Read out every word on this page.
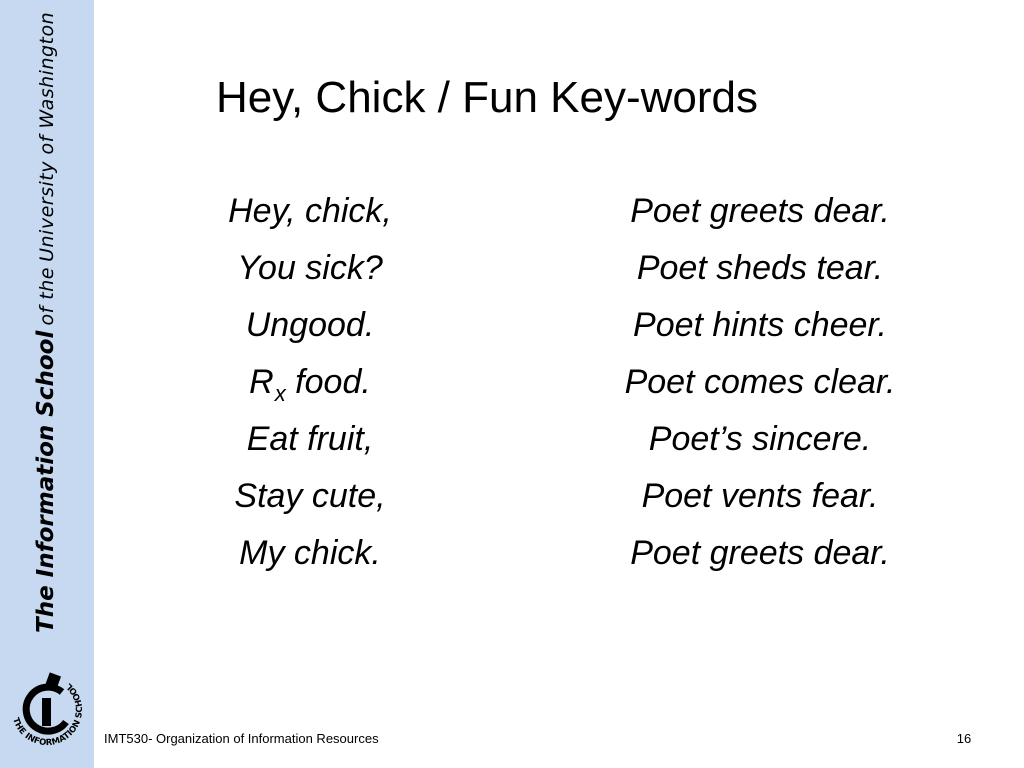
The Information School of the University of Washington
THE INFORMATION SCHOOL
Hey, Chick / Fun Key-words
Hey, chick,
You sick?
Ungood.
$R_x$ food.
Eat fruit,
Stay cute,
My chick.
Poet greets dear.
Poet sheds tear.
Poet hints cheer.
Poet comes clear.
Poet’s sincere.
Poet vents fear.
Poet greets dear.
IMT530- Organization of Information Resources	16
